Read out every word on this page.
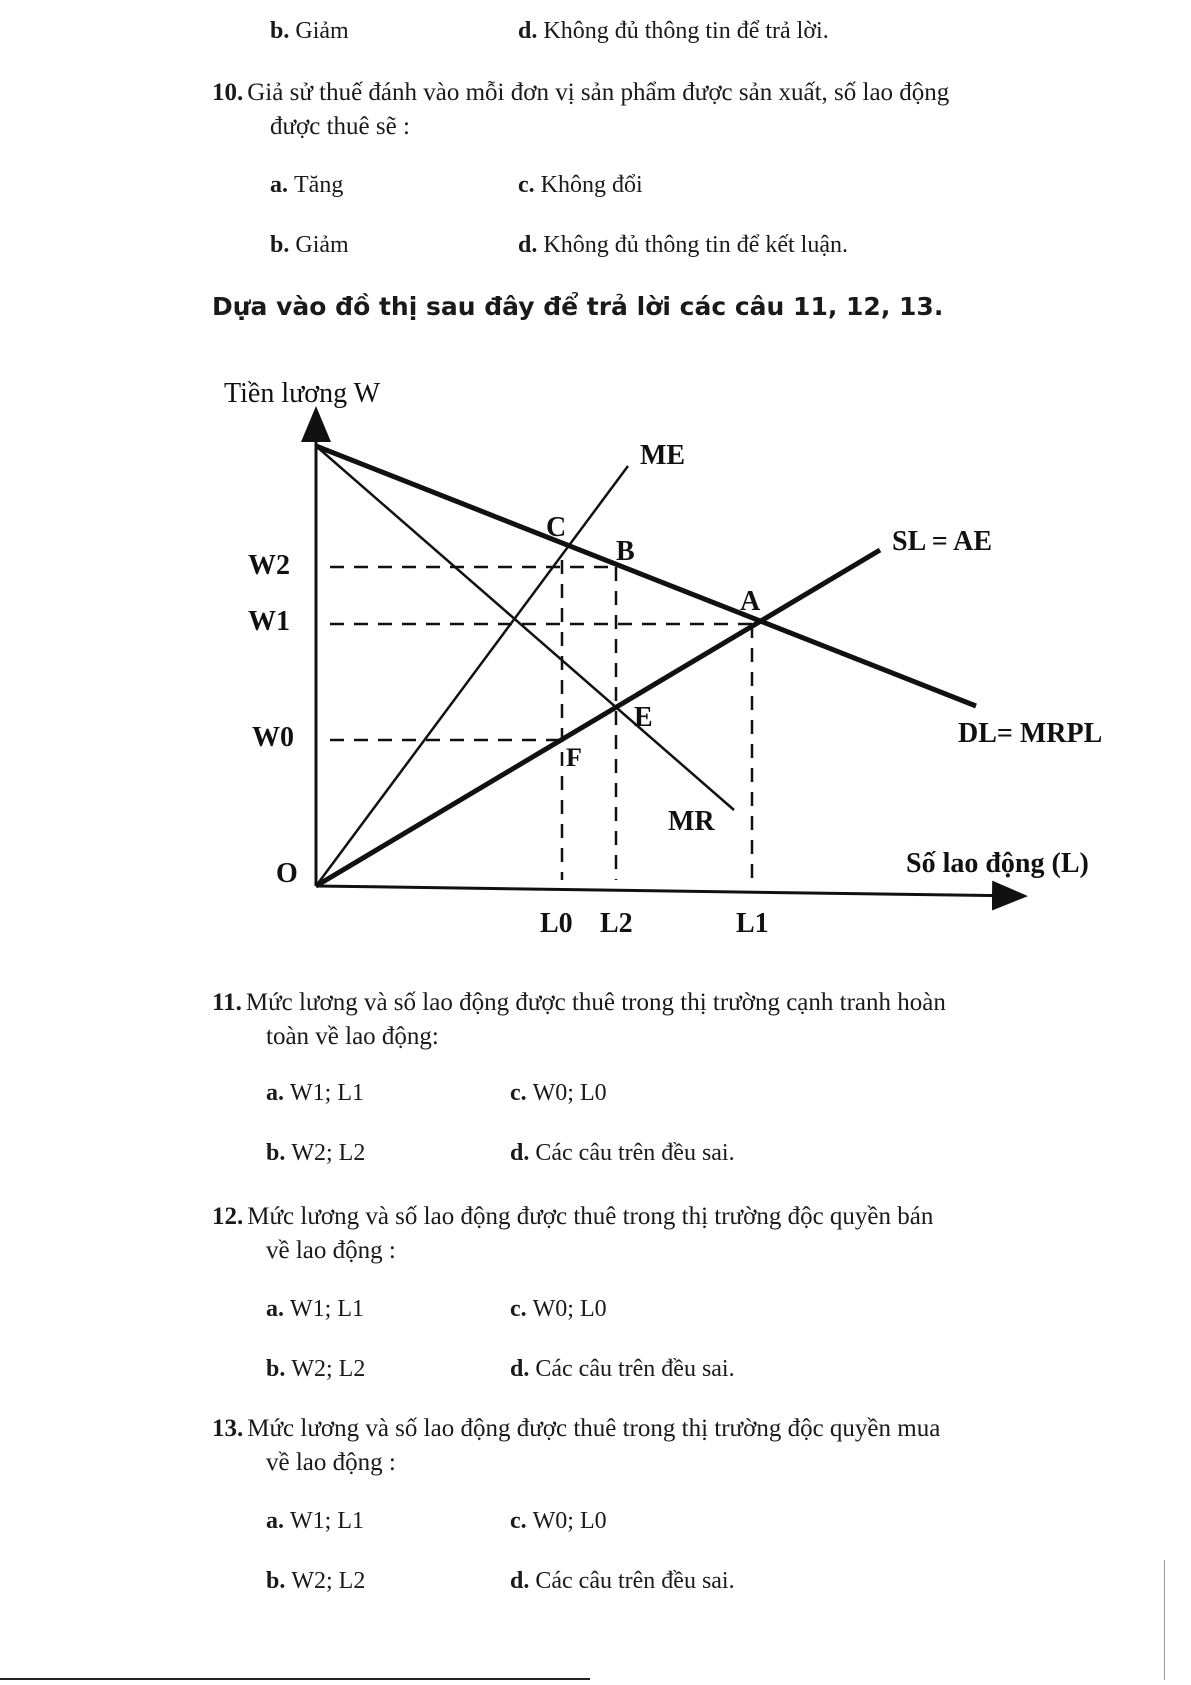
b. Giảm	d. Không đủ thông tin để trả lời.
10. Giả sử thuế đánh vào mỗi đơn vị sản phẩm được sản xuất, số lao động
được thuê sẽ :
a. Tăng	c. Không đổi
b. Giảm	d. Không đủ thông tin để kết luận.
Dựa vào đồ thị sau đây để trả lời các câu 11, 12, 13.
Tiền lương W
Số lao động (L)
O
ME
MR
SL = AE
DL= MRPL
C
B
A
E
F
W2
W1
W0
L0 L2	L1
11. Mức lương và số lao động được thuê trong thị trường cạnh tranh hoàn
toàn về lao động:
a. W1; L1	c. W0; L0
b. W2; L2	d. Các câu trên đều sai.
12. Mức lương và số lao động được thuê trong thị trường độc quyền bán
về lao động :
a. W1; L1	c. W0; L0
b. W2; L2	d. Các câu trên đều sai.
13. Mức lương và số lao động được thuê trong thị trường độc quyền mua
về lao động :
a. W1; L1	c. W0; L0
b. W2; L2	d. Các câu trên đều sai.
